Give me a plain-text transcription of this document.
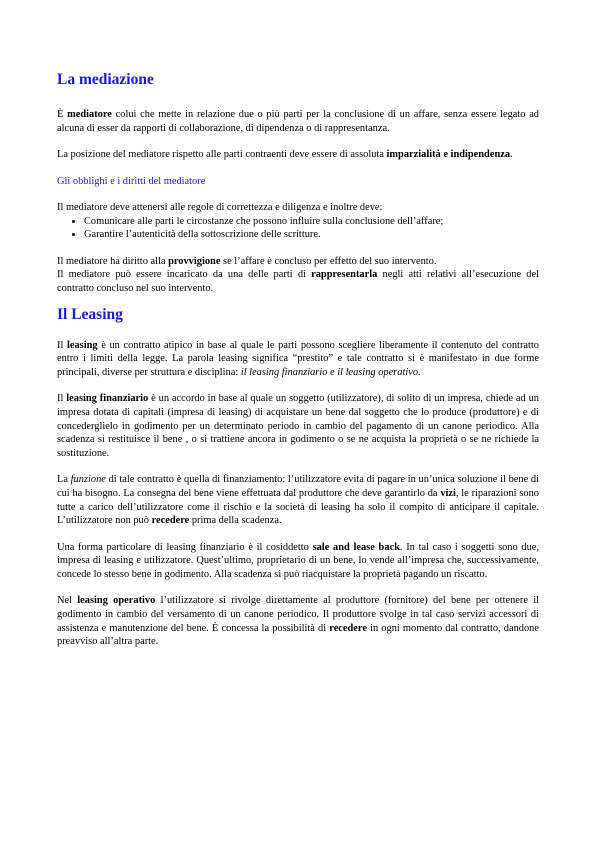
La mediazione

È mediatore colui che mette in relazione due o più parti per la conclusione di un affare, senza essere legato ad alcuna di esser da rapporti di collaborazione, di dipendenza o di rappresentanza.

La posizione del mediatore rispetto alle parti contraenti deve essere di assoluta imparzialità e indipendenza.

Gli obblighi e i diritti del mediatore

Il mediatore deve attenersi alle regole di correttezza e diligenza e inoltre deve:

• Comunicare alle parti le circostanze che possono influire sulla conclusione dell’affare;
• Garantire l’autenticità della sottoscrizione delle scritture.

Il mediatore ha diritto alla provvigione se l’affare è concluso per effetto del suo intervento.

Il mediatore può essere incaricato da una delle parti di rappresentarla negli atti relativi all’esecuzione del contratto concluso nel suo intervento.

Il Leasing

Il leasing è un contratto atipico in base al quale le parti possono scegliere liberamente il contenuto del contratto entro i limiti della legge. La parola leasing significa “prestito” e tale contratto si è manifestato in due forme principali, diverse per struttura e disciplina: il leasing finanziario e il leasing operativo.

Il leasing finanziario è un accordo in base al quale un soggetto (utilizzatore), di solito di un impresa, chiede ad un impresa dotata di capitali (impresa di leasing) di acquistare un bene dal soggetto che lo produce (produttore) e di concederglielo in godimento per un determinato periodo in cambio del pagamento di un canone periodico. Alla scadenza si restituisce il bene , o si trattiene ancora in godimento o se ne acquista la proprietà o se ne richiede la sostituzione.

La funzione di tale contratto è quella di finanziamento: l’utilizzatore evita di pagare in un’unica soluzione il bene di cui ha bisogno. La consegna del bene viene effettuata dal produttore che deve garantirlo da vizi, le riparazioni sono tutte a carico dell’utilizzatore come il rischio e la società di leasing ha solo il compito di anticipare il capitale. L’utilizzatore non può recedere prima della scadenza.

Una forma particolare di leasing finanziario è il cosiddetto sale and lease back. In tal caso i soggetti sono due, impresa di leasing e utilizzatore. Quest’ultimo, proprietario di un bene, lo vende all’impresa che, successivamente, concede lo stesso bene in godimento. Alla scadenza si può riacquistare la proprietà pagando un riscatto.

Nel leasing operativo l’utilizzatore si rivolge direttamente al produttore (fornitore) del bene per ottenere il godimento in cambio del versamento di un canone periodico. Il produttore svolge in tal caso servizi accessori di assistenza e manutenzione del bene. È concessa la possibilità di recedere in ogni momento dal contratto, dandone preavviso all’altra parte.
